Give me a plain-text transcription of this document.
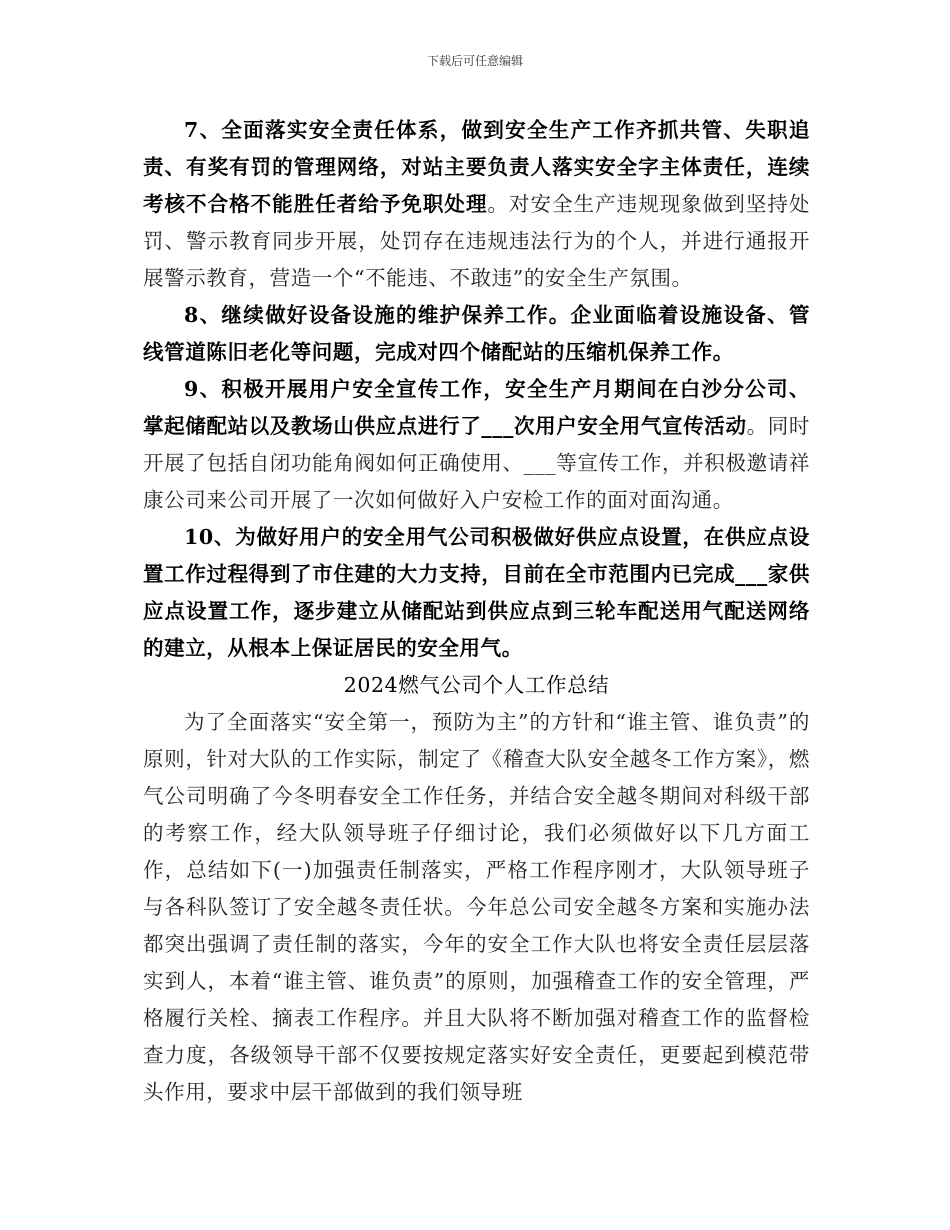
下载后可任意编辑

7、全面落实安全责任体系，做到安全生产工作齐抓共管、失职追责、有奖有罚的管理网络，对站主要负责人落实安全字主体责任，连续考核不合格不能胜任者给予免职处理。对安全生产违规现象做到坚持处罚、警示教育同步开展，处罚存在违规违法行为的个人，并进行通报开展警示教育，营造一个“不能违、不敢违”的安全生产氛围。

8、继续做好设备设施的维护保养工作。企业面临着设施设备、管线管道陈旧老化等问题，完成对四个储配站的压缩机保养工作。

9、积极开展用户安全宣传工作，安全生产月期间在白沙分公司、掌起储配站以及教场山供应点进行了___次用户安全用气宣传活动。同时开展了包括自闭功能角阀如何正确使用、___等宣传工作，并积极邀请祥康公司来公司开展了一次如何做好入户安检工作的面对面沟通。

10、为做好用户的安全用气公司积极做好供应点设置，在供应点设置工作过程得到了市住建的大力支持，目前在全市范围内已完成___家供应点设置工作，逐步建立从储配站到供应点到三轮车配送用气配送网络的建立，从根本上保证居民的安全用气。

2024燃气公司个人工作总结

为了全面落实“安全第一，预防为主”的方针和“谁主管、谁负责”的原则，针对大队的工作实际，制定了《稽查大队安全越冬工作方案》，燃气公司明确了今冬明春安全工作任务，并结合安全越冬期间对科级干部的考察工作，经大队领导班子仔细讨论，我们必须做好以下几方面工作，总结如下(一)加强责任制落实，严格工作程序刚才，大队领导班子与各科队签订了安全越冬责任状。今年总公司安全越冬方案和实施办法都突出强调了责任制的落实，今年的安全工作大队也将安全责任层层落实到人，本着“谁主管、谁负责”的原则，加强稽查工作的安全管理，严格履行关栓、摘表工作程序。并且大队将不断加强对稽查工作的监督检查力度，各级领导干部不仅要按规定落实好安全责任，更要起到模范带头作用，要求中层干部做到的我们领导班
